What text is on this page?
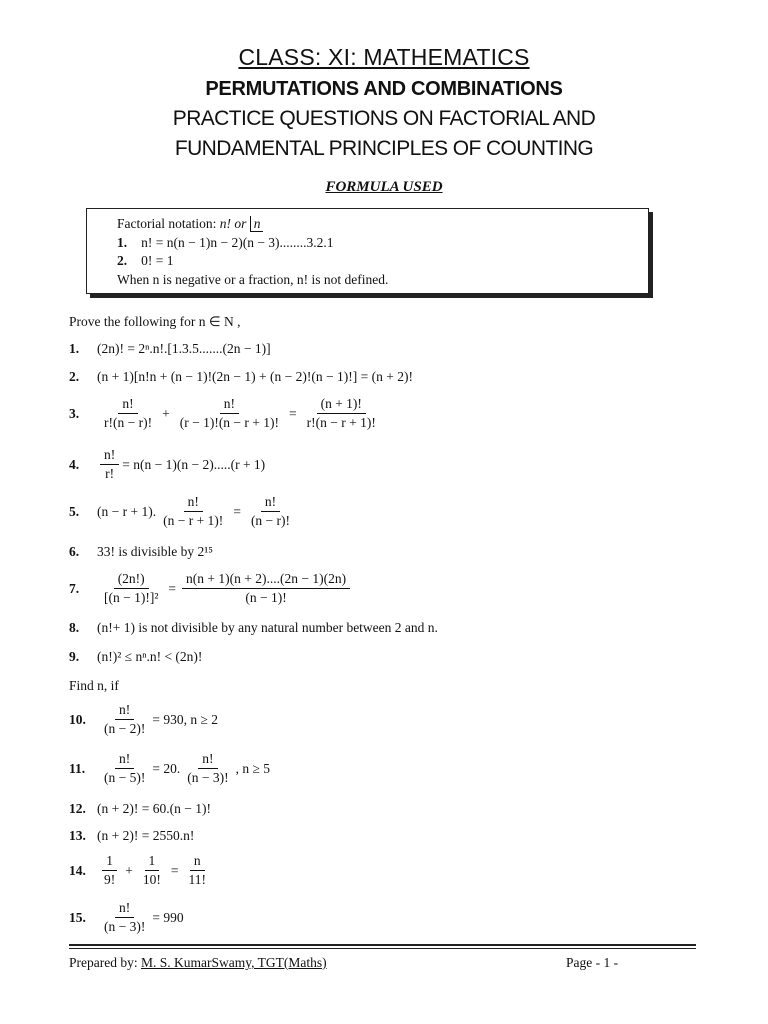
CLASS: XI: MATHEMATICS
PERMUTATIONS AND COMBINATIONS
PRACTICE QUESTIONS ON FACTORIAL AND
FUNDAMENTAL PRINCIPLES OF COUNTING
FORMULA USED
Factorial notation: n! or n
1. n! = n(n − 1)n − 2)(n − 3)........3.2.1
2. 0! = 1
When n is negative or a fraction, n! is not defined.
Prove the following for n ∈ N ,
1.	(2n)! = 2ⁿ.n!.[1.3.5.......(2n − 1)]
2.	(n + 1)[n!n + (n − 1)!(2n − 1) + (n − 2)!(n − 1)!] = (n + 2)!
3.	$\frac{n!}{r!(n - r)!} + \frac{n!}{(r - 1)!(n - r + 1)!} = \frac{(n + 1)!}{r!(n - r + 1)!}$
4.	$\frac{n!}{r!} = n(n - 1)(n - 2).....(r + 1)$
5.	(n − r + 1). $\frac{n!}{(n - r + 1)!} = \frac{n!}{(n - r)!}$
6.	33! is divisible by 2¹⁵
7.	$\frac{(2n!)}{\text{[(n − 1)!]²}} = \frac{n(n + 1)(n + 2)....(2n - 1)(2n)}{(n - 1)!}$
8.	(n!+ 1) is not divisible by any natural number between 2 and n.
9.	(n!)² ≤ nⁿ.n! < (2n)!
Find n, if
10.	$\frac{n!}{(n - 2)!} = 930$, n ≥ 2
11.	$\frac{n!}{(n - 5)!} = 20$. $\frac{n!}{(n - 3)!}$ , n ≥ 5
12. (n + 2)! = 60.(n − 1)!
13. (n + 2)! = 2550.n!
14.	$\frac{1}{9!} + \frac{1}{10!} = \frac{n}{11!}$
15.	$\frac{n!}{(n - 3)!} = 990$
Prepared by: M. S. KumarSwamy, TGT(Maths)	Page - 1 -
